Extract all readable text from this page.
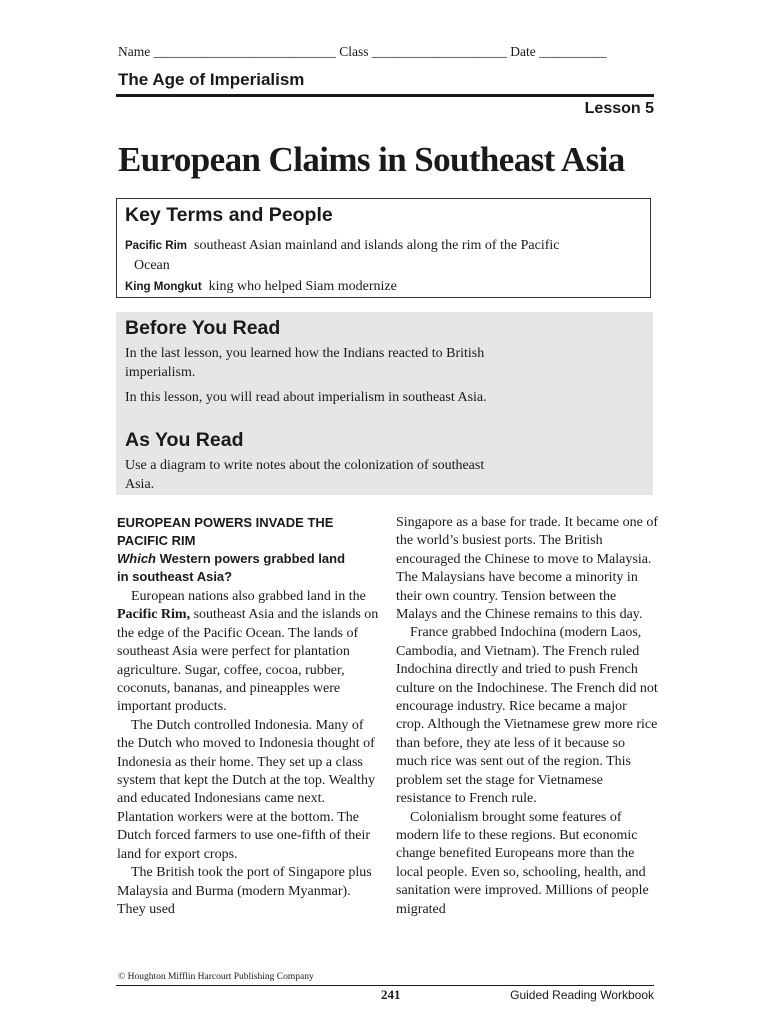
Name ___________________________ Class ____________________ Date __________
The Age of Imperialism
Lesson 5
European Claims in Southeast Asia
Key Terms and People
Pacific Rim southeast Asian mainland and islands along the rim of the Pacific
Ocean
King Mongkut king who helped Siam modernize
Before You Read
In the last lesson, you learned how the Indians reacted to British
imperialism.
In this lesson, you will read about imperialism in southeast Asia.
As You Read
Use a diagram to write notes about the colonization of southeast
Asia.

EUROPEAN POWERS INVADE THE
PACIFIC RIM

Which Western powers grabbed land
in southeast Asia?

European nations also grabbed land in the Pacific Rim, southeast Asia and the islands on the edge of the Pacific Ocean. The lands of southeast Asia were perfect for plantation agriculture. Sugar, coffee, cocoa, rubber, coconuts, bananas, and pineapples were important products.

The Dutch controlled Indonesia. Many of the Dutch who moved to Indonesia thought of Indonesia as their home. They set up a class system that kept the Dutch at the top. Wealthy and educated Indonesians came next. Plantation workers were at the bottom. The Dutch forced farmers to use one-fifth of their land for export crops.

The British took the port of Singapore plus Malaysia and Burma (modern Myanmar). They used

Singapore as a base for trade. It became one of the world’s busiest ports. The British encouraged the Chinese to move to Malaysia. The Malaysians have become a minority in their own country. Tension between the Malays and the Chinese remains to this day.

France grabbed Indochina (modern Laos, Cambodia, and Vietnam). The French ruled Indochina directly and tried to push French culture on the Indochinese. The French did not encourage industry. Rice became a major crop. Although the Vietnamese grew more rice than before, they ate less of it because so much rice was sent out of the region. This problem set the stage for Vietnamese resistance to French rule.

Colonialism brought some features of modern life to these regions. But economic change benefited Europeans more than the local people. Even so, schooling, health, and sanitation were improved. Millions of people migrated

© Houghton Mifflin Harcourt Publishing Company
241	Guided Reading Workbook
